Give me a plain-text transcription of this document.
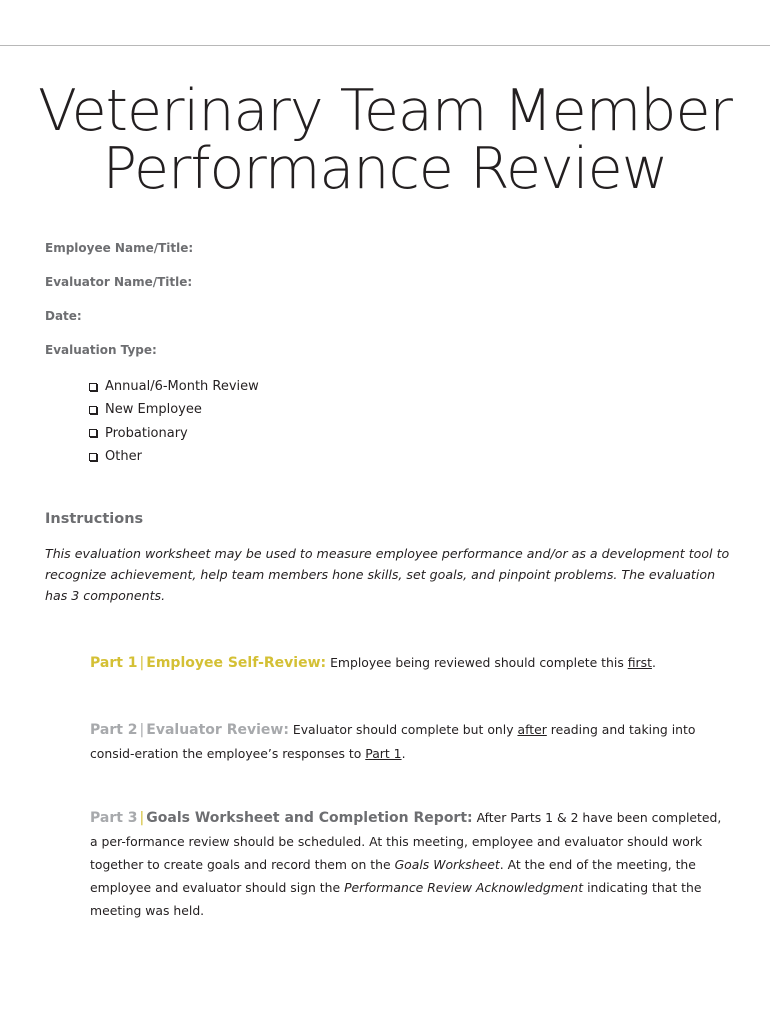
Veterinary Team Member
Performance Review
Employee Name/Title:
Evaluator Name/Title:
Date:
Evaluation Type:
Annual/6-Month Review
New Employee
Probationary
Other
Instructions
This evaluation worksheet may be used to measure employee performance and/or as a development tool to recognize achievement, help team members hone skills, set goals, and pinpoint problems. The evaluation has 3 components.
Part 1 | Employee Self-Review: Employee being reviewed should complete this first.
Part 2 | Evaluator Review: Evaluator should complete but only after reading and taking into consid-eration the employee’s responses to Part 1.
Part 3 | Goals Worksheet and Completion Report: After Parts 1 & 2 have been completed, a per-formance review should be scheduled. At this meeting, employee and evaluator should work together to create goals and record them on the Goals Worksheet. At the end of the meeting, the employee and evaluator should sign the Performance Review Acknowledgment indicating that the meeting was held.
